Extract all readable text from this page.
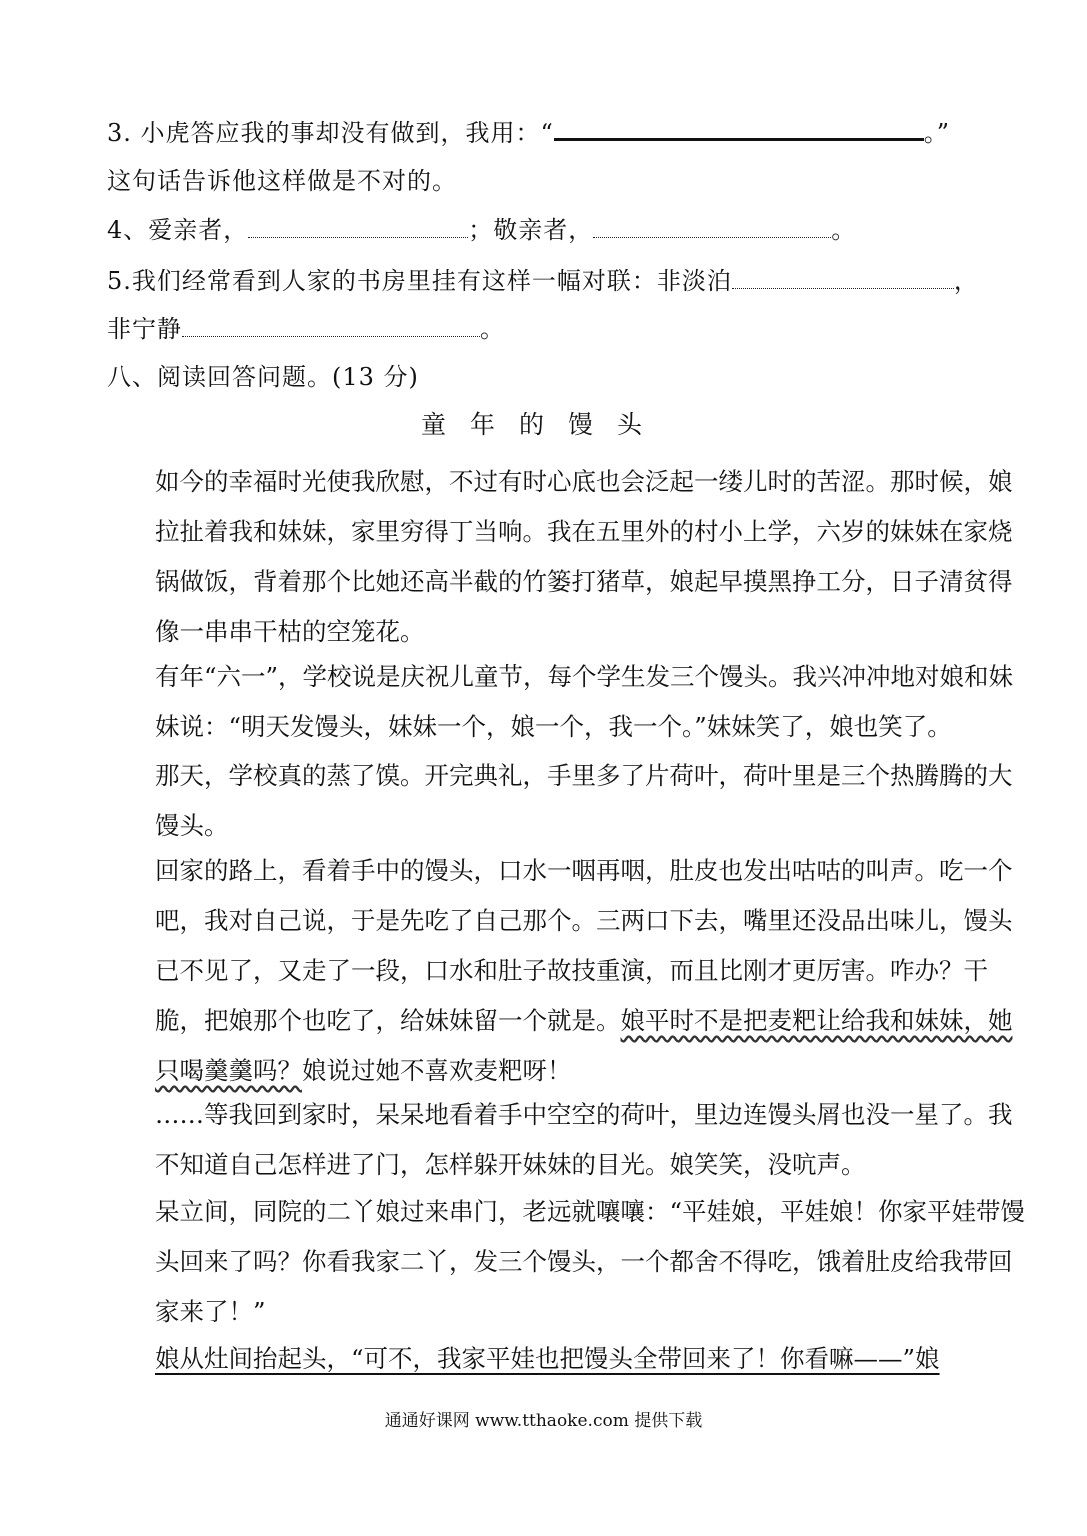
3. 小虎答应我的事却没有做到，我用：“	。”
这句话告诉他这样做是不对的。
4、爱亲者，	；敬亲者，	。
5.我们经常看到人家的书房里挂有这样一幅对联：非淡泊	，
非宁静	。
八、阅读回答问题。(13 分)
童年的馒头
如今的幸福时光使我欣慰，不过有时心底也会泛起一缕儿时的苦涩。那时候，娘拉扯着我和妹妹，家里穷得丁当响。我在五里外的村小上学，六岁的妹妹在家烧锅做饭，背着那个比她还高半截的竹篓打猪草，娘起早摸黑挣工分，日子清贫得像一串串干枯的空笼花。
有年“六一”，学校说是庆祝儿童节，每个学生发三个馒头。我兴冲冲地对娘和妹妹说：“明天发馒头，妹妹一个，娘一个，我一个。”妹妹笑了，娘也笑了。
那天，学校真的蒸了馍。开完典礼，手里多了片荷叶，荷叶里是三个热腾腾的大馒头。
回家的路上，看着手中的馒头，口水一咽再咽，肚皮也发出咕咕的叫声。吃一个吧，我对自己说，于是先吃了自己那个。三两口下去，嘴里还没品出味儿，馒头已不见了，又走了一段，口水和肚子故技重演，而且比刚才更厉害。咋办？干脆，把娘那个也吃了，给妹妹留一个就是。娘平时不是把麦粑让给我和妹妹，她只喝羹羹吗？娘说过她不喜欢麦粑呀！
……等我回到家时，呆呆地看着手中空空的荷叶，里边连馒头屑也没一星了。我不知道自己怎样进了门，怎样躲开妹妹的目光。娘笑笑，没吭声。
呆立间，同院的二丫娘过来串门，老远就嚷嚷：“平娃娘，平娃娘！你家平娃带馒头回来了吗？你看我家二丫，发三个馒头，一个都舍不得吃，饿着肚皮给我带回家来了！”
娘从灶间抬起头，“可不，我家平娃也把馒头全带回来了！你看嘛——”娘
通通好课网 www.tthaoke.com 提供下载
